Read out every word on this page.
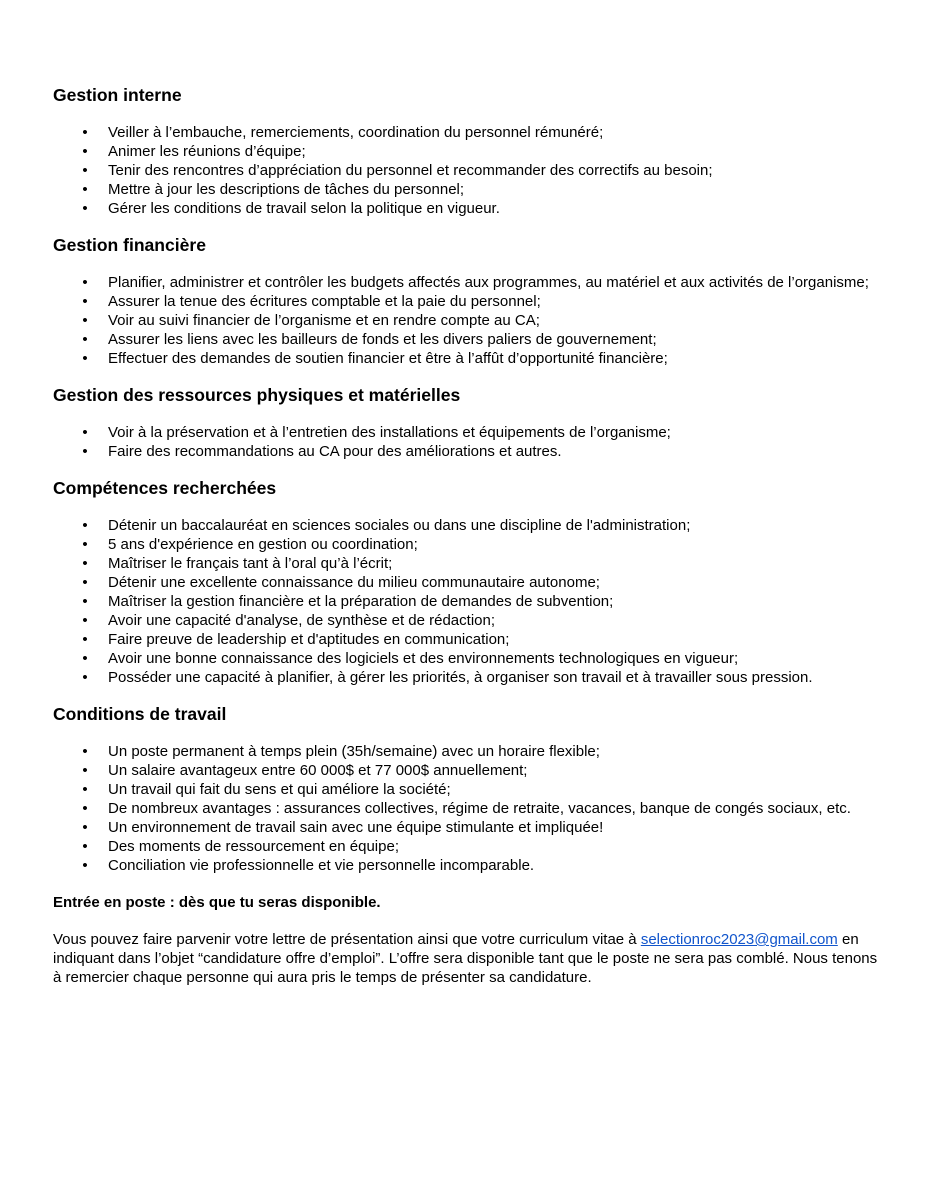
Gestion interne
• Veiller à l’embauche, remerciements, coordination du personnel rémunéré;
• Animer les réunions d’équipe;
• Tenir des rencontres d’appréciation du personnel et recommander des correctifs au besoin;
• Mettre à jour les descriptions de tâches du personnel;
• Gérer les conditions de travail selon la politique en vigueur.
Gestion financière
• Planifier, administrer et contrôler les budgets affectés aux programmes, au matériel et aux activités de l’organisme;
• Assurer la tenue des écritures comptable et la paie du personnel;
• Voir au suivi financier de l’organisme et en rendre compte au CA;
• Assurer les liens avec les bailleurs de fonds et les divers paliers de gouvernement;
• Effectuer des demandes de soutien financier et être à l’affût d’opportunité financière;
Gestion des ressources physiques et matérielles
• Voir à la préservation et à l’entretien des installations et équipements de l’organisme;
• Faire des recommandations au CA pour des améliorations et autres.
Compétences recherchées
• Détenir un baccalauréat en sciences sociales ou dans une discipline de l'administration;
• 5 ans d'expérience en gestion ou coordination;
• Maîtriser le français tant à l’oral qu’à l’écrit;
• Détenir une excellente connaissance du milieu communautaire autonome;
• Maîtriser la gestion financière et la préparation de demandes de subvention;
• Avoir une capacité d'analyse, de synthèse et de rédaction;
• Faire preuve de leadership et d'aptitudes en communication;
• Avoir une bonne connaissance des logiciels et des environnements technologiques en vigueur;
• Posséder une capacité à planifier, à gérer les priorités, à organiser son travail et à travailler sous pression.
Conditions de travail
• Un poste permanent à temps plein (35h/semaine) avec un horaire flexible;
• Un salaire avantageux entre 60 000$ et 77 000$ annuellement;
• Un travail qui fait du sens et qui améliore la société;
• De nombreux avantages : assurances collectives, régime de retraite, vacances, banque de congés sociaux, etc.
• Un environnement de travail sain avec une équipe stimulante et impliquée!
• Des moments de ressourcement en équipe;
• Conciliation vie professionnelle et vie personnelle incomparable.

Entrée en poste : dès que tu seras disponible.

Vous pouvez faire parvenir votre lettre de présentation ainsi que votre curriculum vitae à selectionroc2023@gmail.com en indiquant dans l’objet “candidature offre d’emploi”. L’offre sera disponible tant que le poste ne sera pas comblé. Nous tenons à remercier chaque personne qui aura pris le temps de présenter sa candidature.
